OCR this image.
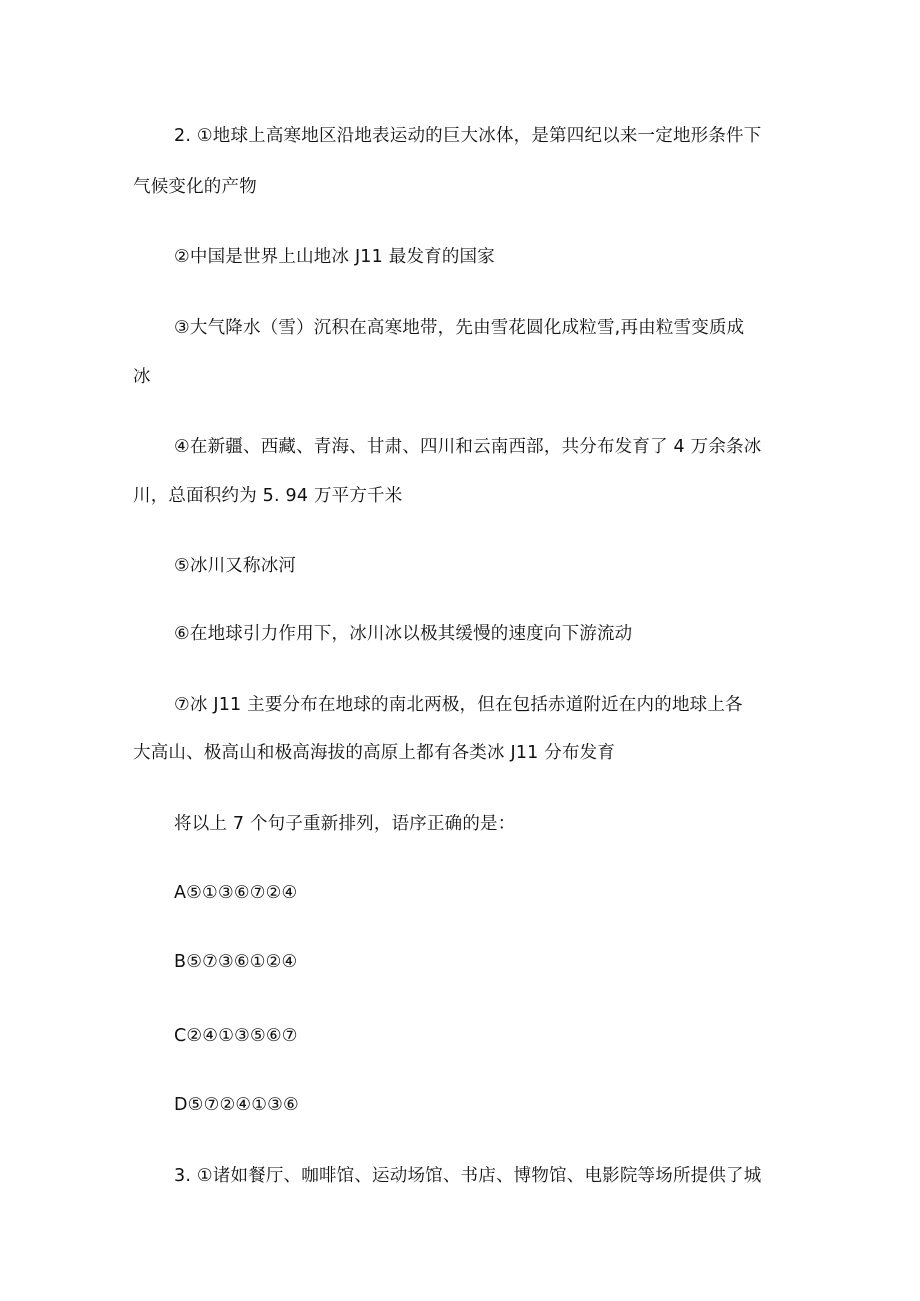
2. ①地球上高寒地区沿地表运动的巨大冰体，是第四纪以来一定地形条件下
气候变化的产物
②中国是世界上山地冰 J11 最发育的国家
③大气降水（雪）沉积在高寒地带，先由雪花圆化成粒雪,再由粒雪变质成
冰
④在新疆、西藏、青海、甘肃、四川和云南西部，共分布发育了 4 万余条冰
川，总面积约为 5. 94 万平方千米
⑤冰川又称冰河
⑥在地球引力作用下，冰川冰以极其缓慢的速度向下游流动
⑦冰 J11 主要分布在地球的南北两极，但在包括赤道附近在内的地球上各
大高山、极高山和极高海拔的高原上都有各类冰 J11 分布发育
将以上 7 个句子重新排列，语序正确的是：
A⑤①③⑥⑦②④
B⑤⑦③⑥①②④
C②④①③⑤⑥⑦
D⑤⑦②④①③⑥
3. ①诸如餐厅、咖啡馆、运动场馆、书店、博物馆、电影院等场所提供了城
